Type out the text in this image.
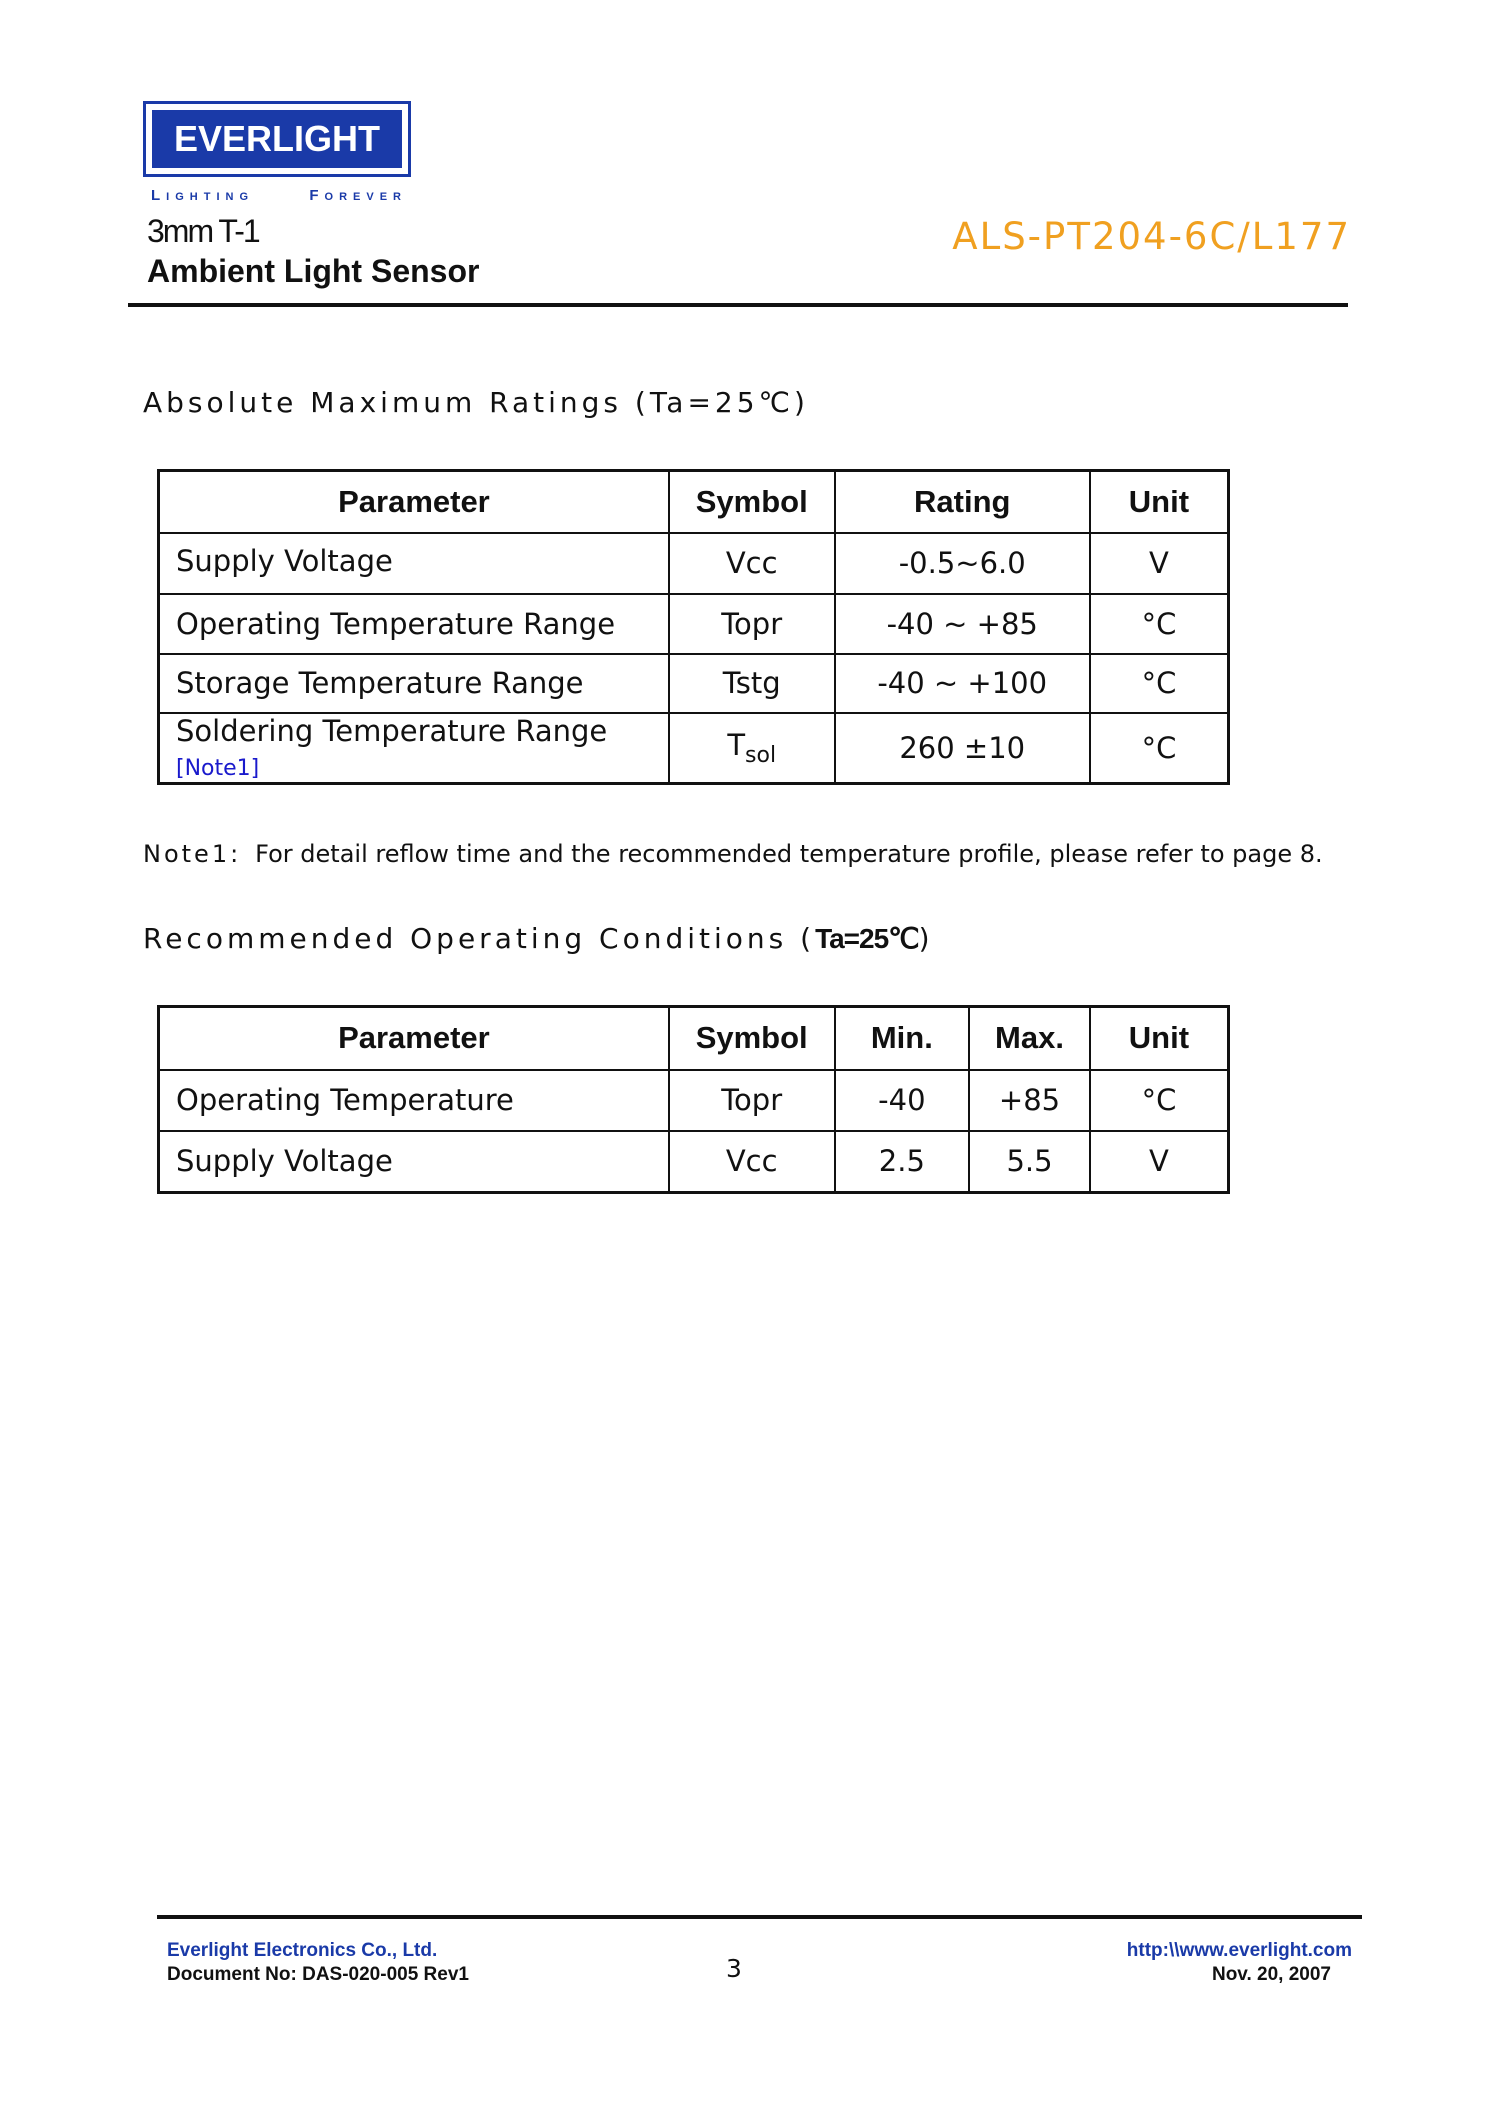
EVERLIGHT
Lighting	Forever
3mm T-1
Ambient Light Sensor
ALS-PT204-6C/L177
Absolute Maximum Ratings (Ta=25℃)
Parameter	Symbol	Rating	Unit
Supply Voltage	Vcc	-0.5~6.0	V
Operating Temperature Range	Topr	-40 ~ +85	°C
Storage Temperature Range	Tstg	-40 ~ +100	°C
Soldering Temperature Range [Note1]	$T_{sol}$	260 ±10	°C
Note1: For detail reflow time and the recommended temperature profile, please refer to page 8.
Recommended Operating Conditions (Ta=25℃)
Parameter	Symbol	Min.	Max.	Unit
Operating Temperature	Topr	-40	+85	°C
Supply Voltage	Vcc	2.5	5.5	V
Everlight Electronics Co., Ltd.
Document No: DAS-020-005 Rev1	3
http:\\www.everlight.com
Nov. 20, 2007
